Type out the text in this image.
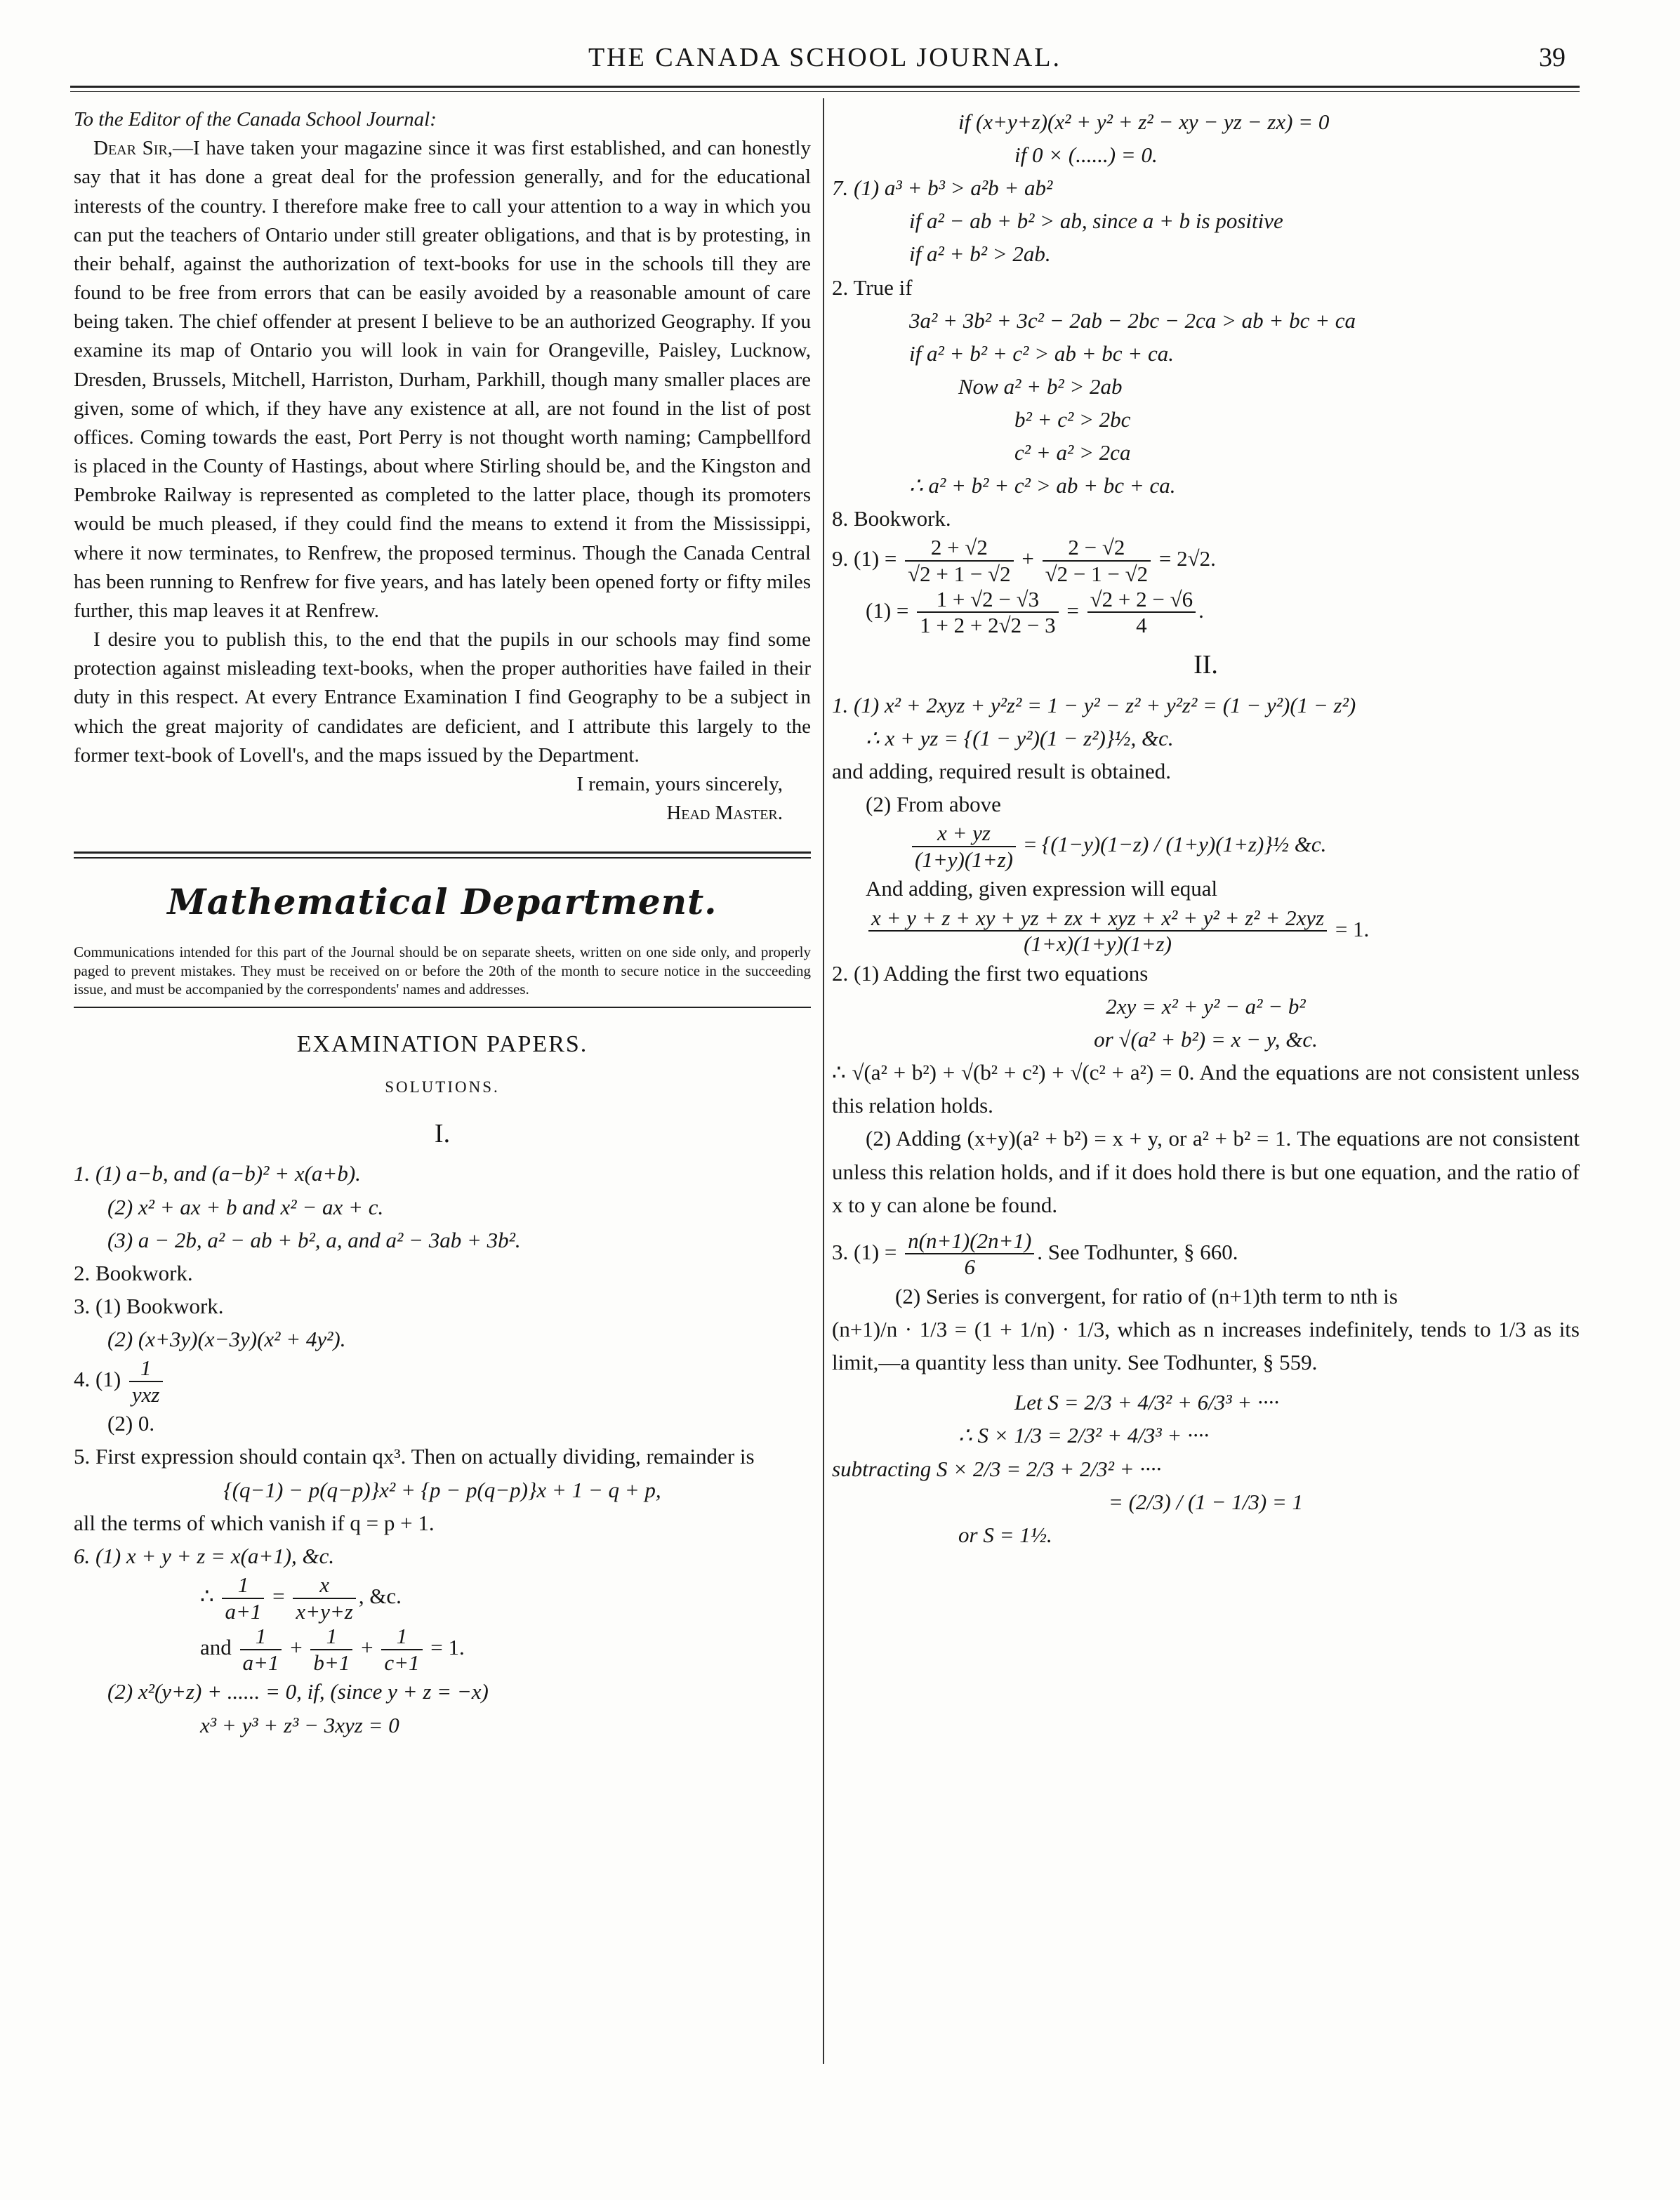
THE CANADA SCHOOL JOURNAL.	39

To the Editor of the Canada School Journal:

Dear Sir,—I have taken your magazine since it was first established, and can honestly say that it has done a great deal for the profession generally, and for the educational interests of the country. I therefore make free to call your attention to a way in which you can put the teachers of Ontario under still greater obligations, and that is by protesting, in their behalf, against the authorization of text-books for use in the schools till they are found to be free from errors that can be easily avoided by a reasonable amount of care being taken. The chief offender at present I believe to be an authorized Geography. If you examine its map of Ontario you will look in vain for Orangeville, Paisley, Lucknow, Dresden, Brussels, Mitchell, Harriston, Durham, Parkhill, though many smaller places are given, some of which, if they have any existence at all, are not found in the list of post offices. Coming towards the east, Port Perry is not thought worth naming; Campbellford is placed in the County of Hastings, about where Stirling should be, and the Kingston and Pembroke Railway is represented as completed to the latter place, though its promoters would be much pleased, if they could find the means to extend it from the Mississippi, where it now terminates, to Renfrew, the proposed terminus. Though the Canada Central has been running to Renfrew for five years, and has lately been opened forty or fifty miles further, this map leaves it at Renfrew.

I desire you to publish this, to the end that the pupils in our schools may find some protection against misleading text-books, when the proper authorities have failed in their duty in this respect. At every Entrance Examination I find Geography to be a subject in which the great majority of candidates are deficient, and I attribute this largely to the former text-book of Lovell's, and the maps issued by the Department.

I remain, yours sincerely,

Head Master.

Mathematical Department.
Communications intended for this part of the Journal should be on separate sheets, written on one side only, and properly paged to prevent mistakes. They must be received on or before the 20th of the month to secure notice in the succeeding issue, and must be accompanied by the correspondents' names and addresses.
EXAMINATION PAPERS.
SOLUTIONS.
I.

1. (1) a−b, and (a−b)² + x(a+b).

(2) x² + ax + b and x² − ax + c.

(3) a − 2b, a² − ab + b², a, and a² − 3ab + 3b².

2. Bookwork.

3. (1) Bookwork.

(2) (x+3y)(x−3y)(x² + 4y²).

4. $(1) \frac{1}{\text{yxz}}$

(2) 0.

5. First expression should contain qx³. Then on actually dividing, remainder is

{(q−1) − p(q−p)}x² + {p − p(q−p)}x + 1 − q + p,

all the terms of which vanish if q = p + 1.

6. (1) x + y + z = x(a+1), &c.

∴ $\frac{1}{a+1} = \frac{x}{x+y+z}$ , &c.

and $\frac{1}{a+1} + \frac{1}{b+1} + \frac{1}{c+1} = 1$.

(2) x²(y+z) + ...... = 0, if, (since y + z = −x)

x³ + y³ + z³ − 3xyz = 0

if (x+y+z)(x² + y² + z² − xy − yz − zx) = 0

if 0 × (......) = 0.

7. (1) a³ + b³ > a²b + ab²

if a² − ab + b² > ab, since a + b is positive

if a² + b² > 2ab.

2. True if

3a² + 3b² + 3c² − 2ab − 2bc − 2ca > ab + bc + ca

if a² + b² + c² > ab + bc + ca.

Now a² + b² > 2ab

b² + c² > 2bc

c² + a² > 2ca

∴ a² + b² + c² > ab + bc + ca.

8. Bookwork.

9. $(1) = \frac{2 + √2}{√2 + 1 - √2} + \frac{2 - √2}{√2 - 1 - √2} = 2√2$.

$(1) = \frac{1 + √2 - √3}{1 + 2 + 2√2 - 3} = \frac{√2 + 2 - √6}{4}$ .

II.

1. (1) x² + 2xyz + y²z² = 1 − y² − z² + y²z² = (1 − y²)(1 − z²)

∴ x + yz = {(1 − y²)(1 − z²)}½, &c.

and adding, required result is obtained.

(2) From above

$\frac{x + yz}{(1+y)(1+z)} = \{(1-y)(1-z)$ / (1+y)(1+z)}½ &c.

And adding, given expression will equal

$\frac{\text{x + y + z + xy + yz + zx + xyz + x² + y² + z² + 2xyz}}{(1+x)(1+y)(1+z)} = 1$.

2. (1) Adding the first two equations

2xy = x² + y² − a² − b²

or √(a² + b²) = x − y, &c.

∴ √(a² + b²) + √(b² + c²) + √(c² + a²) = 0. And the equations are not consistent unless this relation holds.

(2) Adding (x+y)(a² + b²) = x + y, or a² + b² = 1. The equations are not consistent unless this relation holds, and if it does hold there is but one equation, and the ratio of x to y can alone be found.

3. $(1) = \frac{n(n+1)(2n+1)}{6}$ . See Todhunter, § 660.

(2) Series is convergent, for ratio of (n+1)th term to nth is

(n+1)/n · 1/3 = (1 + 1/n) · 1/3, which as n increases indefinitely, tends to 1/3 as its limit,—a quantity less than unity. See Todhunter, § 559.

Let S = 2/3 + 4/3² + 6/3³ + ····

∴ S × 1/3 = 2/3² + 4/3³ + ····

subtracting S × 2/3 = 2/3 + 2/3² + ····

= (2/3) / (1 − 1/3) = 1

or S = 1½.
